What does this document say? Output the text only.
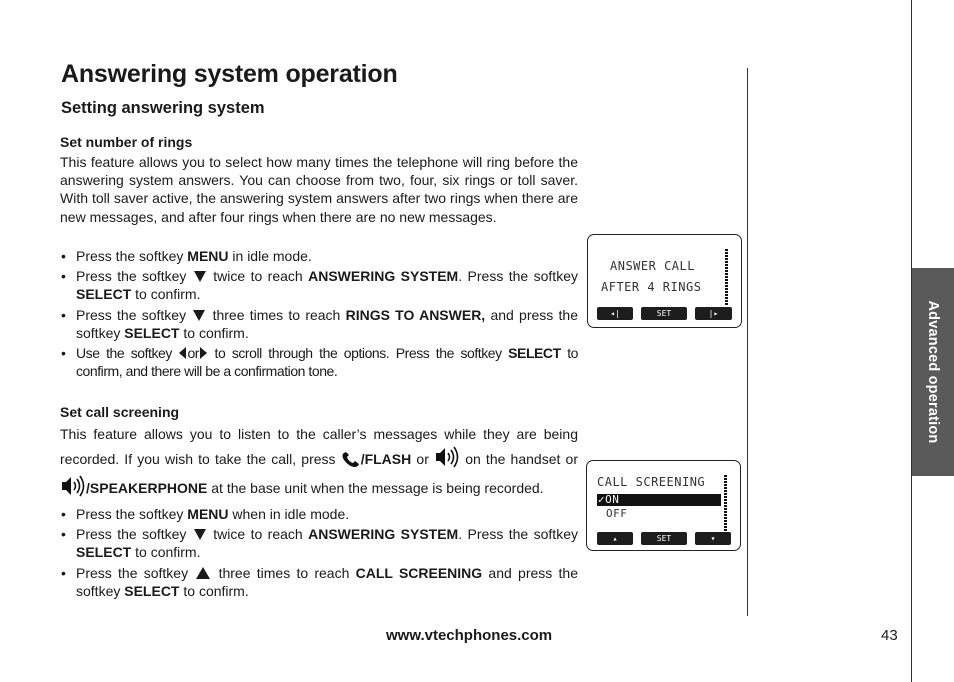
Answering system operation
Setting answering system
Set number of rings
This feature allows you to select how many times the telephone will ring before the answering system answers. You can choose from two, four, six rings or toll saver. With toll saver active, the answering system answers after two rings when there are new messages, and after four rings when there are no new messages.
• Press the softkey MENU in idle mode.
• Press the softkey  twice to reach ANSWERING SYSTEM. Press the softkey SELECT to confirm.
• Press the softkey  three times to reach RINGS TO ANSWER, and press the softkey SELECT to confirm.
• Use the softkey or to scroll through the options. Press the softkey SELECT to confirm, and there will be a confirmation tone.
Set call screening
This feature allows you to listen to the caller’s messages while they are being recorded. If you wish to take the call, press /FLASH or  on the handset or /SPEAKERPHONE at the base unit when the message is being recorded.
• Press the softkey MENU when in idle mode.
• Press the softkey  twice to reach ANSWERING SYSTEM. Press the softkey SELECT to confirm.
• Press the softkey  three times to reach CALL SCREENING and press the softkey SELECT to confirm.
ANSWER CALL
AFTER 4 RINGS
◂|	SET	|▸
CALL SCREENING
✓ON
OFF
▴	SET	▾
Advanced operation
www.vtechphones.com	43
